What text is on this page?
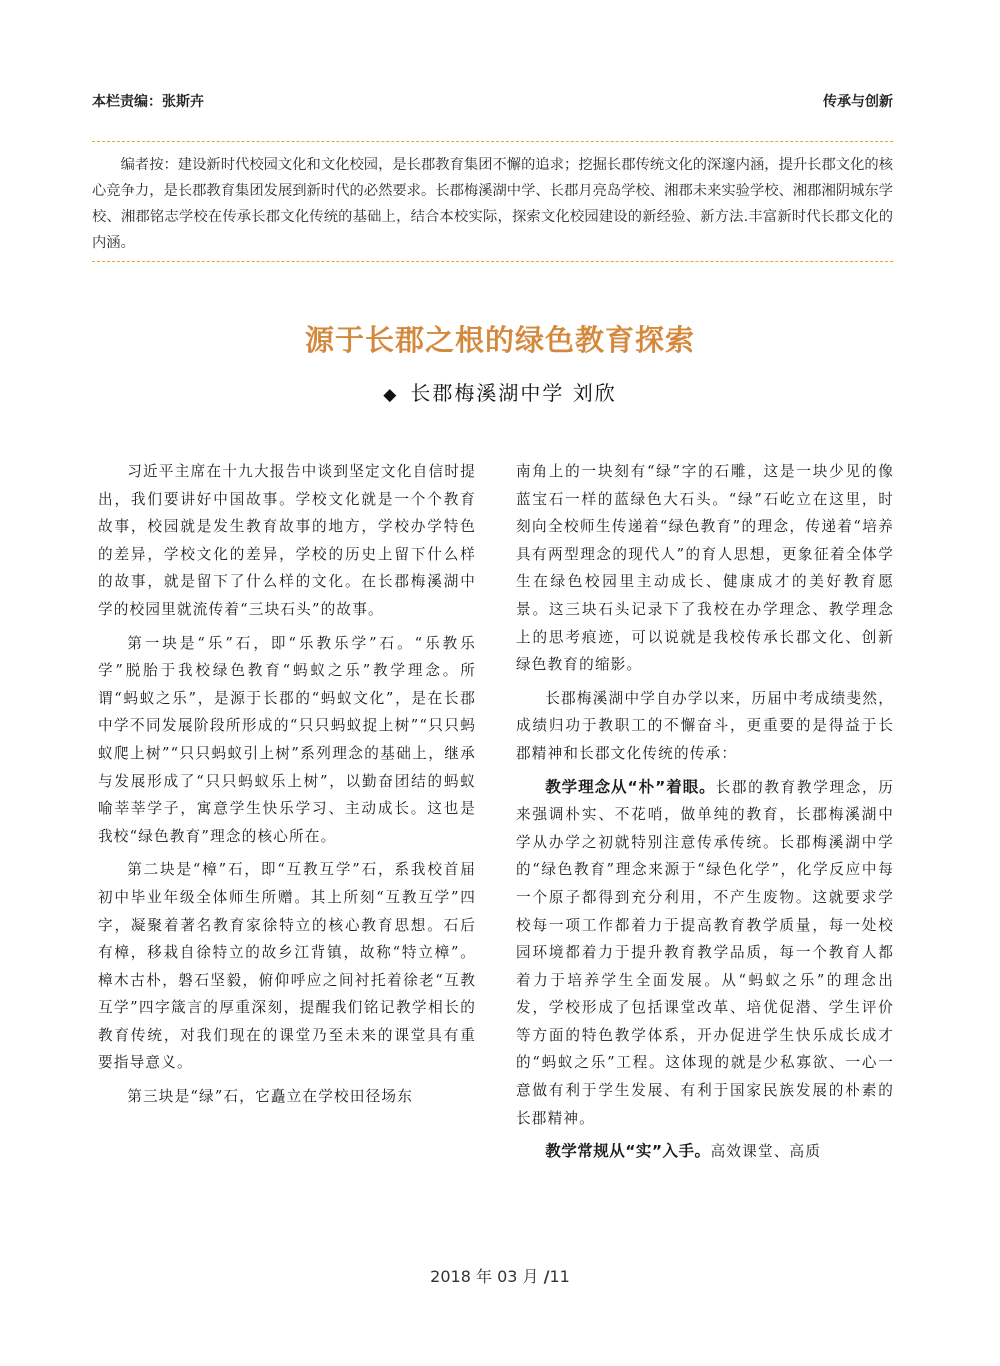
本栏责编：张斯卉	传承与创新

编者按：建设新时代校园文化和文化校园，是长郡教育集团不懈的追求；挖掘长郡传统文化的深邃内涵，提升长郡文化的核心竞争力，是长郡教育集团发展到新时代的必然要求。长郡梅溪湖中学、长郡月亮岛学校、湘郡未来实验学校、湘郡湘阴城东学校、湘郡铭志学校在传承长郡文化传统的基础上，结合本校实际，探索文化校园建设的新经验、新方法.丰富新时代长郡文化的内涵。

源于长郡之根的绿色教育探索
◆ 长郡梅溪湖中学 刘欣

习近平主席在十九大报告中谈到坚定文化自信时提出，我们要讲好中国故事。学校文化就是一个个教育故事，校园就是发生教育故事的地方，学校办学特色的差异，学校文化的差异，学校的历史上留下什么样的故事，就是留下了什么样的文化。在长郡梅溪湖中学的校园里就流传着“三块石头”的故事。

第一块是“乐”石，即“乐教乐学”石。“乐教乐学”脱胎于我校绿色教育“蚂蚁之乐”教学理念。所谓“蚂蚁之乐”，是源于长郡的“蚂蚁文化”，是在长郡中学不同发展阶段所形成的“只只蚂蚁捉上树”“只只蚂蚁爬上树”“只只蚂蚁引上树”系列理念的基础上，继承与发展形成了“只只蚂蚁乐上树”，以勤奋团结的蚂蚁喻莘莘学子，寓意学生快乐学习、主动成长。这也是我校“绿色教育”理念的核心所在。

第二块是“樟”石，即“互教互学”石，系我校首届初中毕业年级全体师生所赠。其上所刻“互教互学”四字，凝聚着著名教育家徐特立的核心教育思想。石后有樟，移栽自徐特立的故乡江背镇，故称“特立樟”。樟木古朴，磐石坚毅，俯仰呼应之间衬托着徐老“互教互学”四字箴言的厚重深刻，提醒我们铭记教学相长的教育传统，对我们现在的课堂乃至未来的课堂具有重要指导意义。

第三块是“绿”石，它矗立在学校田径场东

南角上的一块刻有“绿”字的石雕，这是一块少见的像蓝宝石一样的蓝绿色大石头。“绿”石屹立在这里，时刻向全校师生传递着“绿色教育”的理念，传递着“培养具有两型理念的现代人”的育人思想，更象征着全体学生在绿色校园里主动成长、健康成才的美好教育愿景。这三块石头记录下了我校在办学理念、教学理念上的思考痕迹，可以说就是我校传承长郡文化、创新绿色教育的缩影。

长郡梅溪湖中学自办学以来，历届中考成绩斐然，成绩归功于教职工的不懈奋斗，更重要的是得益于长郡精神和长郡文化传统的传承：

教学理念从“朴”着眼。长郡的教育教学理念，历来强调朴实、不花哨，做单纯的教育，长郡梅溪湖中学从办学之初就特别注意传承传统。长郡梅溪湖中学的“绿色教育”理念来源于“绿色化学”，化学反应中每一个原子都得到充分利用，不产生废物。这就要求学校每一项工作都着力于提高教育教学质量，每一处校园环境都着力于提升教育教学品质，每一个教育人都着力于培养学生全面发展。从“蚂蚁之乐”的理念出发，学校形成了包括课堂改革、培优促潜、学生评价等方面的特色教学体系，开办促进学生快乐成长成才的“蚂蚁之乐”工程。这体现的就是少私寡欲、一心一意做有利于学生发展、有利于国家民族发展的朴素的长郡精神。

教学常规从“实”入手。高效课堂、高质

2018 年 03 月 /11
